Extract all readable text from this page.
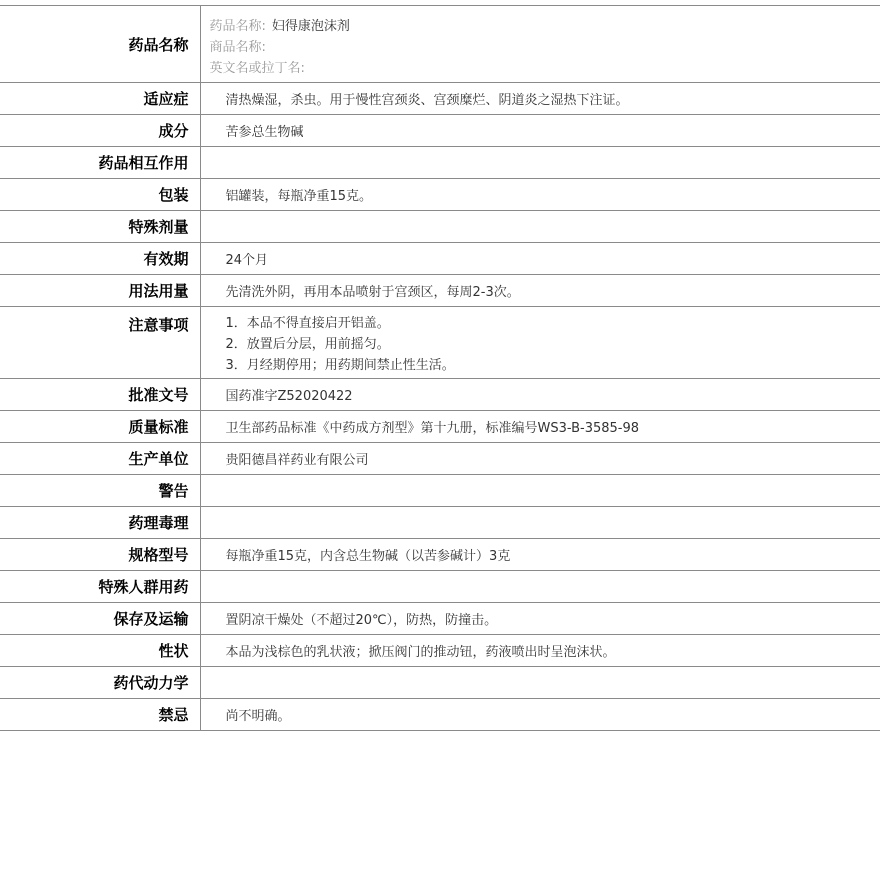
药品名称	药品名称: 妇得康泡沫剂
商品名称:
英文名或拉丁名:

适应症	清热燥湿，杀虫。用于慢性宫颈炎、宫颈糜烂、阴道炎之湿热下注证。
成分	苦参总生物碱
药品相互作用	
包装	铝罐装，每瓶净重15克。
特殊剂量	
有效期	24个月
用法用量	先清洗外阴，再用本品喷射于宫颈区，每周2-3次。
注意事项	1．本品不得直接启开铝盖。
2．放置后分层，用前摇匀。
3．月经期停用；用药期间禁止性生活。

批准文号	国药准字Z52020422
质量标准	卫生部药品标准《中药成方剂型》第十九册，标准编号WS3-B-3585-98
生产单位	贵阳德昌祥药业有限公司
警告	
药理毒理	
规格型号	每瓶净重15克，内含总生物碱（以苦参碱计）3克
特殊人群用药	
保存及运输	置阴凉干燥处（不超过20℃），防热，防撞击。
性状	本品为浅棕色的乳状液；掀压阀门的推动钮，药液喷出时呈泡沫状。
药代动力学	
禁忌	尚不明确。
